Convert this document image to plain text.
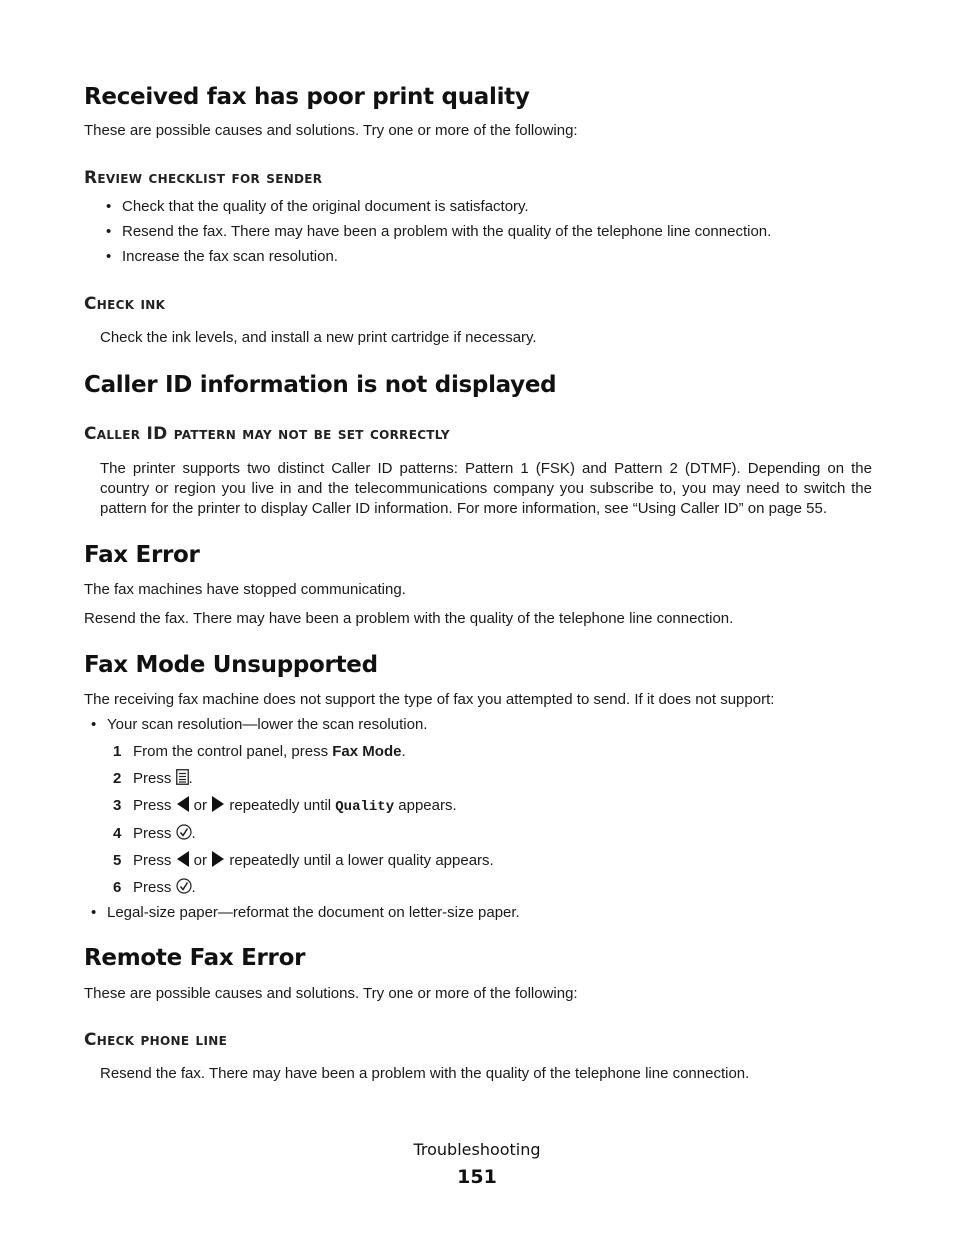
Received fax has poor print quality
These are possible causes and solutions. Try one or more of the following:
Review checklist for sender
• Check that the quality of the original document is satisfactory.
• Resend the fax. There may have been a problem with the quality of the telephone line connection.
• Increase the fax scan resolution.
Check ink
Check the ink levels, and install a new print cartridge if necessary.
Caller ID information is not displayed
Caller ID pattern may not be set correctly
The printer supports two distinct Caller ID patterns: Pattern 1 (FSK) and Pattern 2 (DTMF). Depending on the country or region you live in and the telecommunications company you subscribe to, you may need to switch the pattern for the printer to display Caller ID information. For more information, see “Using Caller ID” on page 55.
Fax Error
The fax machines have stopped communicating.
Resend the fax. There may have been a problem with the quality of the telephone line connection.
Fax Mode Unsupported
The receiving fax machine does not support the type of fax you attempted to send. If it does not support:
• Your scan resolution—lower the scan resolution.
1 From the control panel, press Fax Mode.
2 Press .
3 Press  or  repeatedly until Quality appears.
4 Press .
5 Press  or  repeatedly until a lower quality appears.
6 Press .
• Legal-size paper—reformat the document on letter-size paper.
Remote Fax Error
These are possible causes and solutions. Try one or more of the following:
Check phone line
Resend the fax. There may have been a problem with the quality of the telephone line connection.
Troubleshooting
151
